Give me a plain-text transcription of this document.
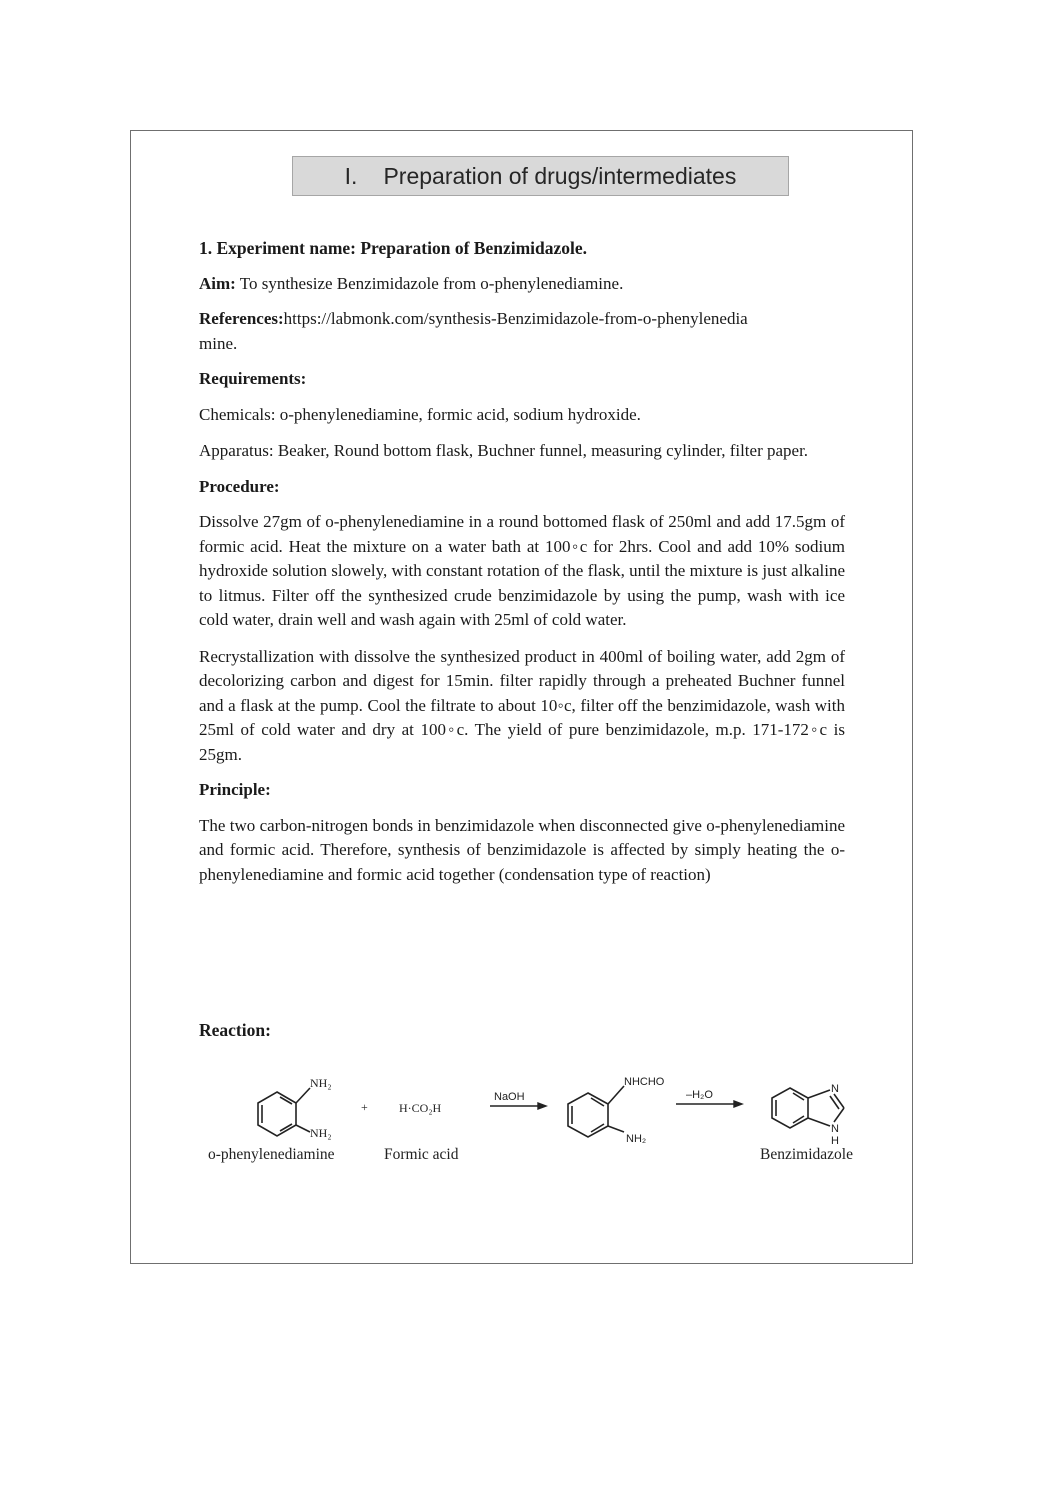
I. Preparation of drugs/intermediates

1. Experiment name: Preparation of Benzimidazole.

Aim: To synthesize Benzimidazole from o-phenylenediamine.

References:https://labmonk.com/synthesis-Benzimidazole-from-o-phenylenediamine.

Requirements:

Chemicals: o-phenylenediamine, formic acid, sodium hydroxide.

Apparatus: Beaker, Round bottom flask, Buchner funnel, measuring cylinder, filter paper.

Procedure:

Dissolve 27gm of o-phenylenediamine in a round bottomed flask of 250ml and add 17.5gm of formic acid. Heat the mixture on a water bath at 100◦c for 2hrs. Cool and add 10% sodium hydroxide solution slowely, with constant rotation of the flask, until the mixture is just alkaline to litmus. Filter off the synthesized crude benzimidazole by using the pump, wash with ice cold water, drain well and wash again with 25ml of cold water.

Recrystallization with dissolve the synthesized product in 400ml of boiling water, add 2gm of decolorizing carbon and digest for 15min. filter rapidly through a preheated Buchner funnel and a flask at the pump. Cool the filtrate to about 10◦c, filter off the benzimidazole, wash with 25ml of cold water and dry at 100◦c. The yield of pure benzimidazole, m.p. 171-172◦c is 25gm.

Principle:

The two carbon-nitrogen bonds in benzimidazole when disconnected give o-phenylenediamine and formic acid. Therefore, synthesis of benzimidazole is affected by simply heating the o-phenylenediamine and formic acid together (condensation type of reaction)

Reaction:

NH₂
NH₂
+	H·CO₂H
NaOH
NHCHO
NH₂
–H₂O	N
N
H
o-phenylenediamine	Formic acid	Benzimidazole
